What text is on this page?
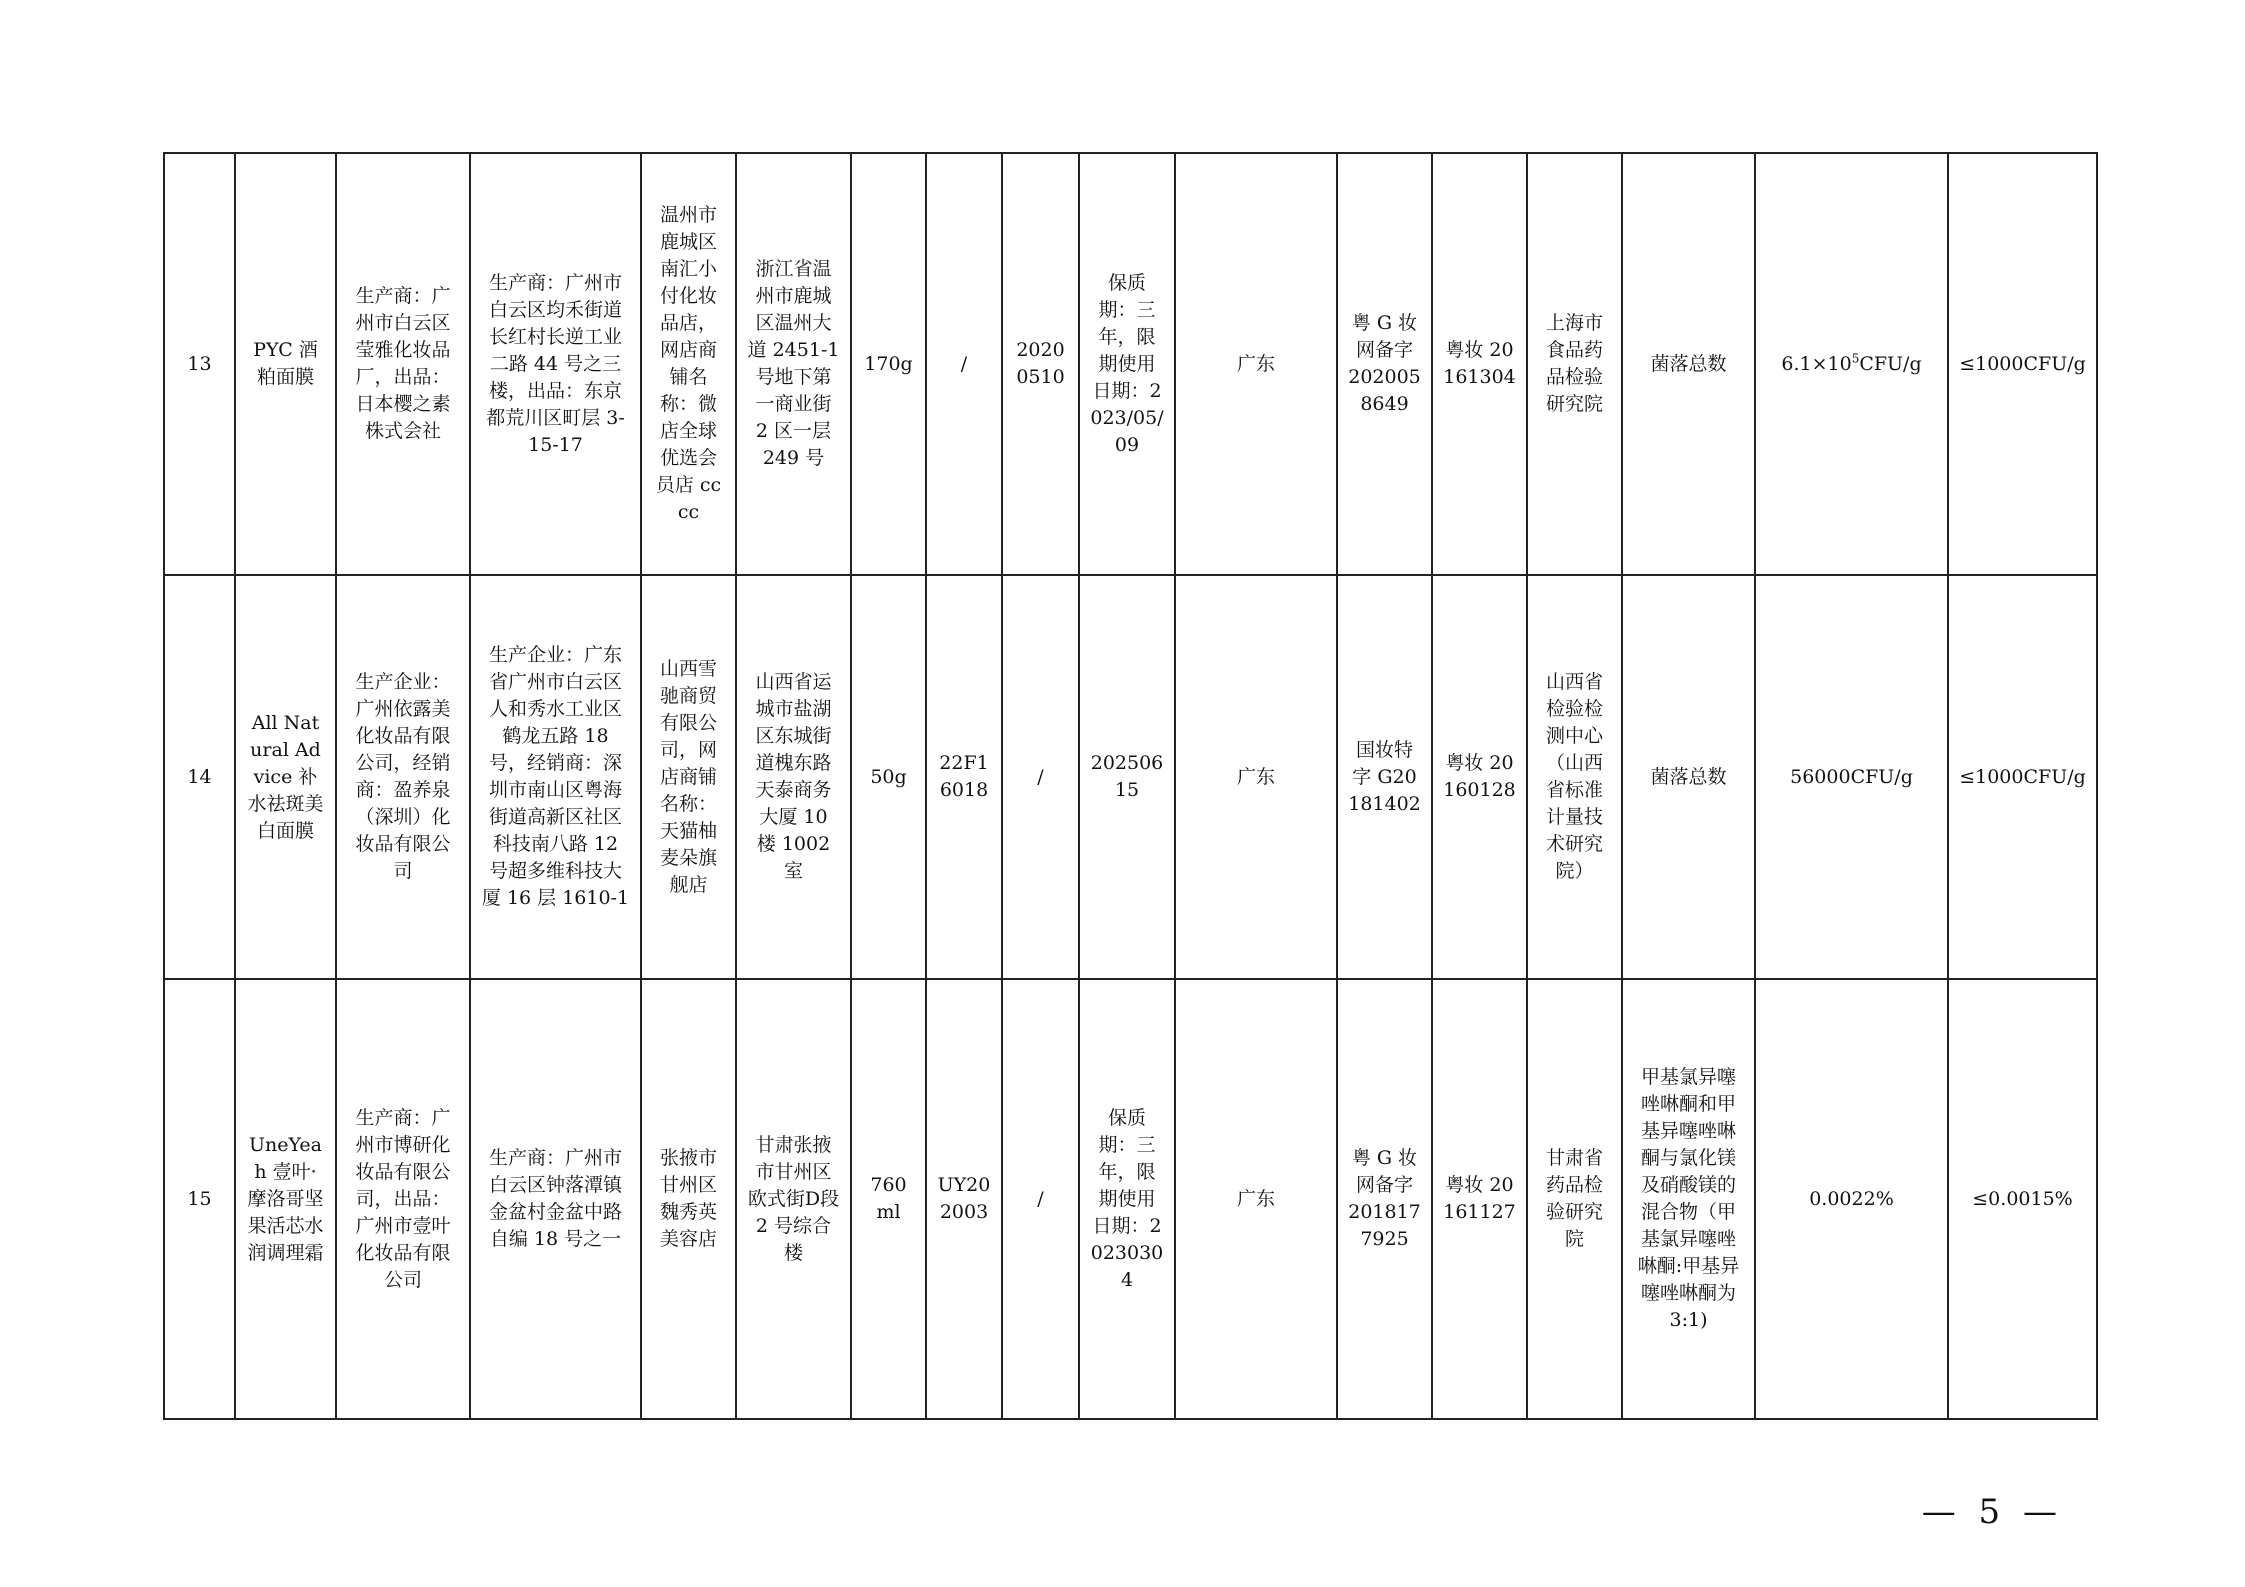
13	PYC 酒粕面膜	生产商：广州市白云区莹雅化妆品厂，出品：日本樱之素株式会社	生产商：广州市白云区均禾街道长红村长逆工业二路 44 号之三楼，出品：东京都荒川区町层 3-15-17	温州市鹿城区南汇小付化妆品店，网店商铺名称：微店全球优选会员店 cccc	浙江省温州市鹿城区温州大道 2451-1 号地下第一商业街 2 区一层 249 号	170g	/	20200510	保质期：三年，限期使用日期：2023/05/09	广东	粤 G 妆网备字 2020058649	粤妆 20161304	上海市食品药品检验研究院	菌落总数	$6.1\times 10^5CFU/g$	≤1000CFU/g
14	All Natural Advice 补水祛斑美白面膜	生产企业：广州依露美化妆品有限公司，经销商：盈养泉（深圳）化妆品有限公司	生产企业：广东省广州市白云区人和秀水工业区鹤龙五路 18 号，经销商：深圳市南山区粤海街道高新区社区科技南八路 12 号超多维科技大厦 16 层 1610-1	山西雪驰商贸有限公司，网店商铺名称：天猫柚麦朵旗舰店	山西省运城市盐湖区东城街道槐东路天泰商务大厦 10 楼 1002 室	50g	22F16018	/	20250615	广东	国妆特字 G20181402	粤妆 20160128	山西省检验检测中心（山西省标准计量技术研究院）	菌落总数	56000CFU/g	≤1000CFU/g
15	UneYeah 壹叶·摩洛哥坚果活芯水润调理霜	生产商：广州市博研化妆品有限公司，出品：广州市壹叶化妆品有限公司	生产商：广州市白云区钟落潭镇金盆村金盆中路自编 18 号之一	张掖市甘州区魏秀英美容店	甘肃张掖市甘州区欧式街D段 2 号综合楼	760 ml	UY202003	/	保质期：三年，限期使用日期：20230304	广东	粤 G 妆网备字 2018177925	粤妆 20161127	甘肃省药品检验研究院	甲基氯异噻唑啉酮和甲基异噻唑啉酮与氯化镁及硝酸镁的混合物（甲基氯异噻唑啉酮:甲基异噻唑啉酮为 3:1)	0.0022%	≤0.0015%
— 5 —
